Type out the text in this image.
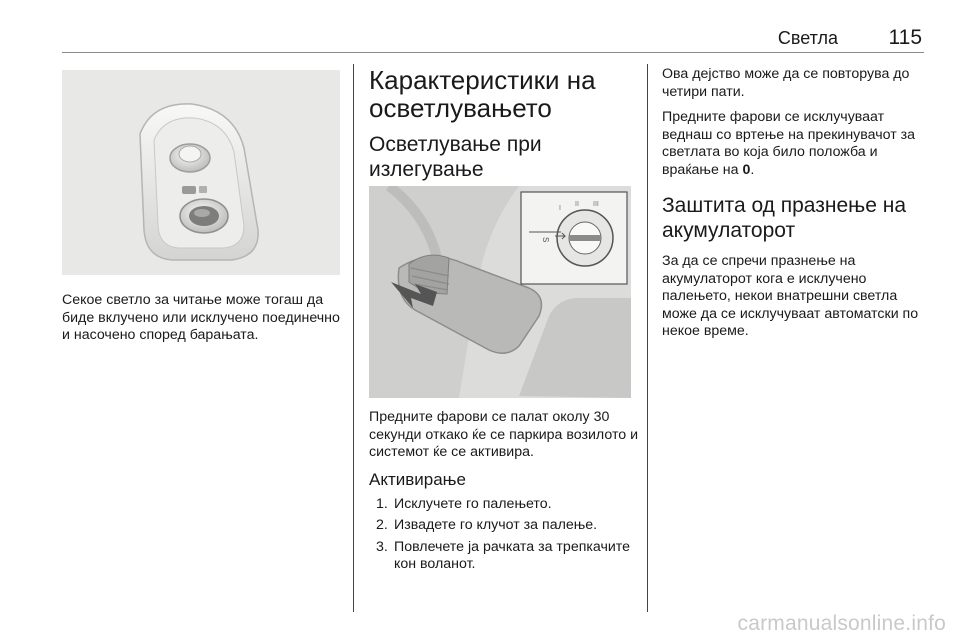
Светла 115
I
II III
S

Секое светло за читање може тогаш да биде вклучено или исклучено поединечно и насочено според барањата.

Карактеристики на осветлувањето
Осветлување при излегување

Предните фарови се палат околу 30 секунди откако ќе се паркира возилото и системот ќе се активира.

Активирање
1. Исклучете го палењето.
2. Извадете го клучот за палење.
3. Повлечете ја рачката за трепкачите кон воланот.

Ова дејство може да се повторува до четири пати.

Предните фарови се исклучуваат веднаш со вртење на прекинувачот за светлата во која било положба и враќање на 0.

Заштита од празнење на акумулаторот

За да се спречи празнење на акумулаторот кога е исклучено палењето, некои внатрешни светла може да се исклучуваат автоматски по некое време.

carmanualsonline.info
